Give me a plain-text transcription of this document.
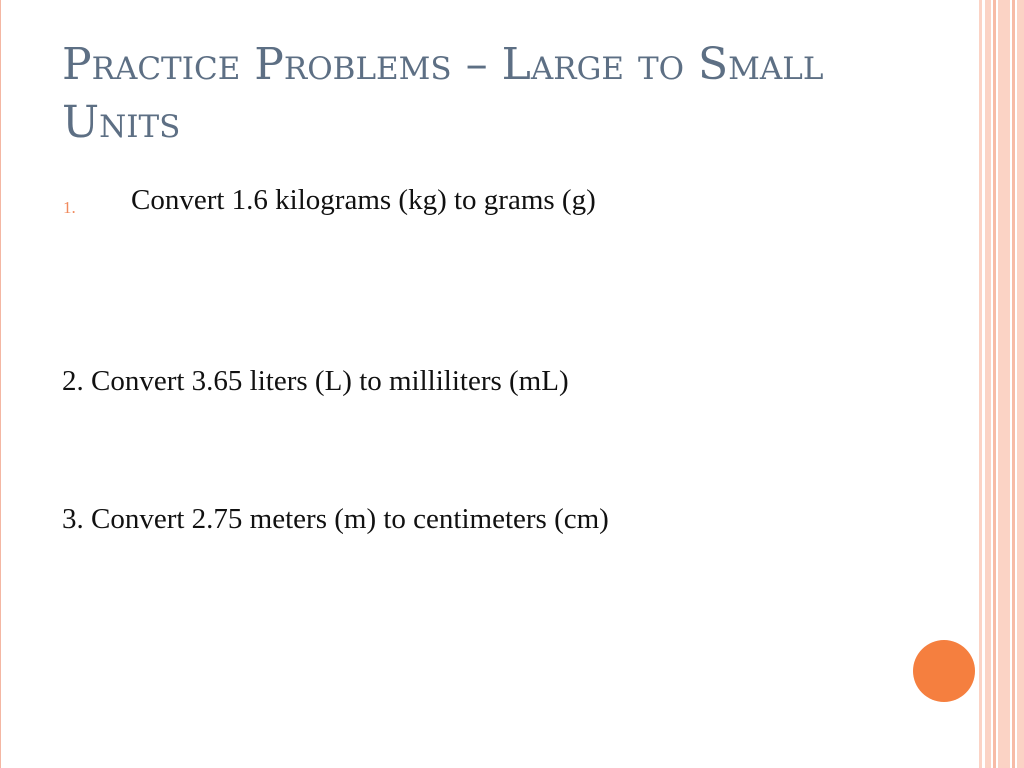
Practice Problems – Large to Small Units
1. Convert 1.6 kilograms (kg) to grams (g)
2. Convert 3.65 liters (L) to milliliters (mL)
3. Convert 2.75 meters (m) to centimeters (cm)
